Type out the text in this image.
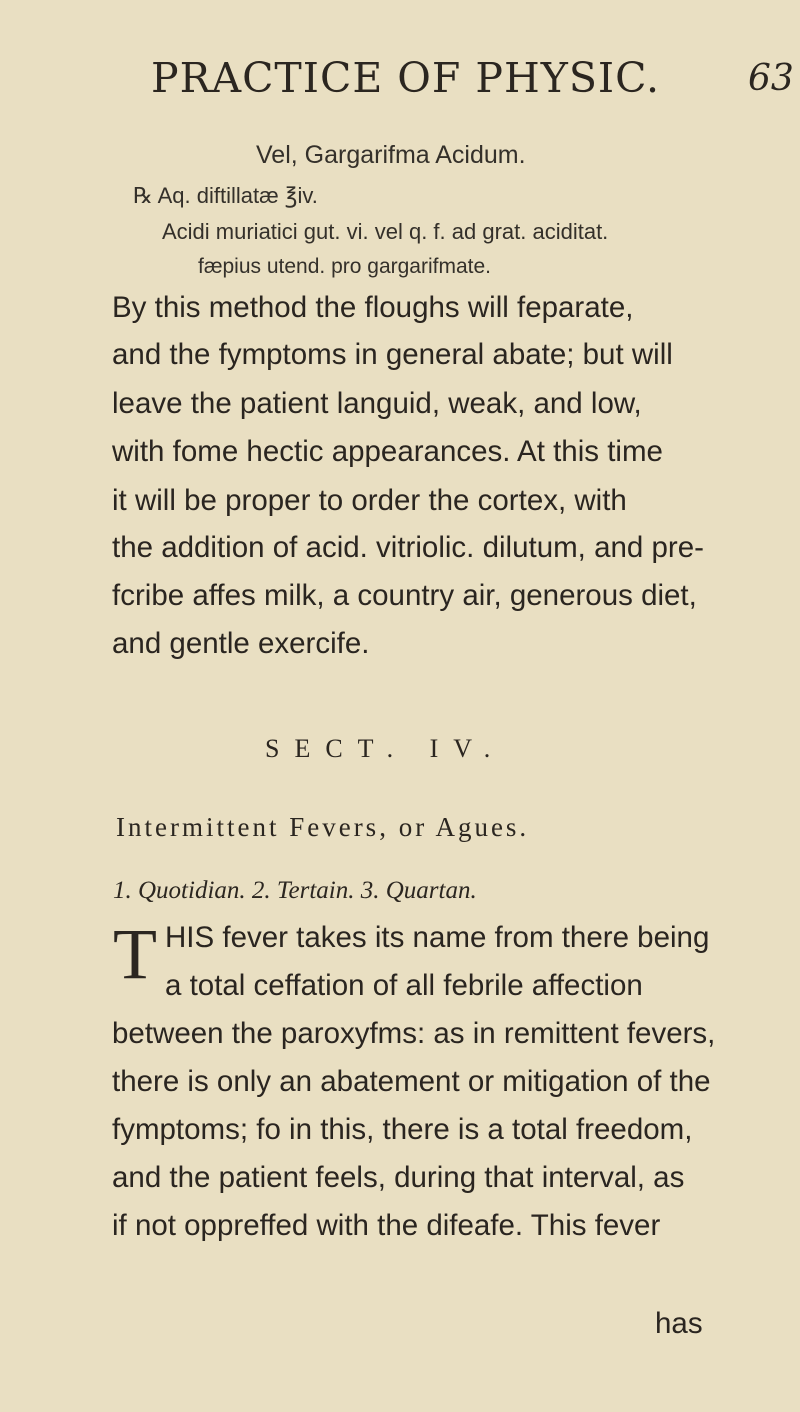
PRACTICE OF PHYSIC. 63
Vel, Gargarifma Acidum.
℞ Aq. diftillatæ ℥iv.
Acidi muriatici gut. vi. vel q. f. ad grat. aciditat.
fæpius utend. pro gargarifmate.
By this method the floughs will feparate,
and the fymptoms in general abate; but will
leave the patient languid, weak, and low,
with fome hectic appearances. At this time
it will be proper to order the cortex, with
the addition of acid. vitriolic. dilutum, and pre-
fcribe affes milk, a country air, generous diet,
and gentle exercife.
SECT. IV.
Intermittent Fevers, or Agues.
1. Quotidian. 2. Tertain. 3. Quartan.
T HIS fever takes its name from there being
a total ceffation of all febrile affection
between the paroxyfms: as in remittent fevers,
there is only an abatement or mitigation of the
fymptoms; fo in this, there is a total freedom,
and the patient feels, during that interval, as
if not oppreffed with the difeafe. This fever
has
